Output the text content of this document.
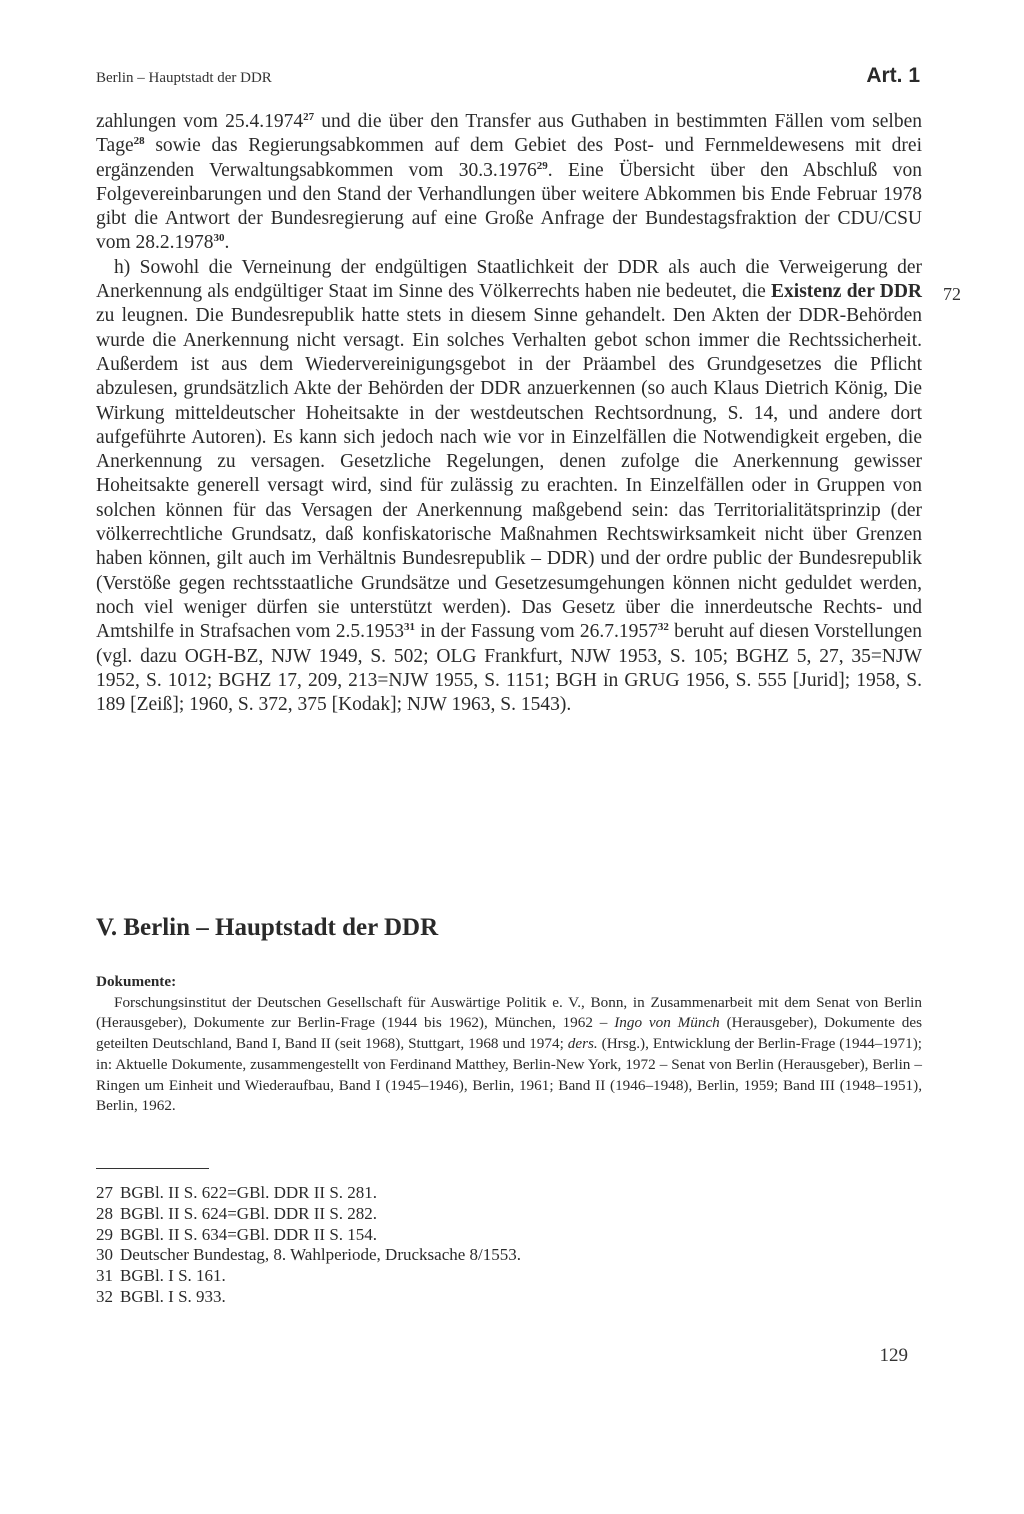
Berlin – Hauptstadt der DDR	Art. 1

zahlungen vom 25.4.1974$^{27}$ und die über den Transfer aus Guthaben in bestimmten Fällen vom selben Tage$^{28}$ sowie das Regierungsabkommen auf dem Gebiet des Post- und Fernmeldewesens mit drei ergänzenden Verwaltungsabkommen vom 30.3.1976$^{29}$. Eine Übersicht über den Abschluß von Folgevereinbarungen und den Stand der Verhandlungen über weitere Abkommen bis Ende Februar 1978 gibt die Antwort der Bundesregierung auf eine Große Anfrage der Bundestagsfraktion der CDU/CSU vom 28.2.1978$^{30}$.

h) Sowohl die Verneinung der endgültigen Staatlichkeit der DDR als auch die Verweigerung der Anerkennung als endgültiger Staat im Sinne des Völkerrechts haben nie bedeutet, die Existenz der DDR zu leugnen. Die Bundesrepublik hatte stets in diesem Sinne gehandelt. Den Akten der DDR-Behörden wurde die Anerkennung nicht versagt. Ein solches Verhalten gebot schon immer die Rechtssicherheit. Außerdem ist aus dem Wiedervereinigungsgebot in der Präambel des Grundgesetzes die Pflicht abzulesen, grundsätzlich Akte der Behörden der DDR anzuerkennen (so auch Klaus Dietrich König, Die Wirkung mitteldeutscher Hoheitsakte in der westdeutschen Rechtsordnung, S. 14, und andere dort aufgeführte Autoren). Es kann sich jedoch nach wie vor in Einzelfällen die Notwendigkeit ergeben, die Anerkennung zu versagen. Gesetzliche Regelungen, denen zufolge die Anerkennung gewisser Hoheitsakte generell versagt wird, sind für zulässig zu erachten. In Einzelfällen oder in Gruppen von solchen können für das Versagen der Anerkennung maßgebend sein: das Territorialitätsprinzip (der völkerrechtliche Grundsatz, daß konfiskatorische Maßnahmen Rechtswirksamkeit nicht über Grenzen haben können, gilt auch im Verhältnis Bundesrepublik – DDR) und der ordre public der Bundesrepublik (Verstöße gegen rechtsstaatliche Grundsätze und Gesetzesumgehungen können nicht geduldet werden, noch viel weniger dürfen sie unterstützt werden). Das Gesetz über die innerdeutsche Rechts- und Amtshilfe in Strafsachen vom 2.5.1953$^{31}$ in der Fassung vom 26.7.1957$^{32}$ beruht auf diesen Vorstellungen (vgl. dazu OGH-BZ, NJW 1949, S. 502; OLG Frankfurt, NJW 1953, S. 105; BGHZ 5, 27, 35=NJW 1952, S. 1012; BGHZ 17, 209, 213=NJW 1955, S. 1151; BGH in GRUG 1956, S. 555 [Jurid]; 1958, S. 189 [Zeiß]; 1960, S. 372, 375 [Kodak]; NJW 1963, S. 1543).

72
V. Berlin – Hauptstadt der DDR

Dokumente:

Forschungsinstitut der Deutschen Gesellschaft für Auswärtige Politik e. V., Bonn, in Zusammenarbeit mit dem Senat von Berlin (Herausgeber), Dokumente zur Berlin-Frage (1944 bis 1962), München, 1962 – Ingo von Münch (Herausgeber), Dokumente des geteilten Deutschland, Band I, Band II (seit 1968), Stuttgart, 1968 und 1974; ders. (Hrsg.), Entwicklung der Berlin-Frage (1944–1971); in: Aktuelle Dokumente, zusammengestellt von Ferdinand Matthey, Berlin-New York, 1972 – Senat von Berlin (Herausgeber), Berlin – Ringen um Einheit und Wiederaufbau, Band I (1945–1946), Berlin, 1961; Band II (1946–1948), Berlin, 1959; Band III (1948–1951), Berlin, 1962.

27 BGBl. II S. 622=GBl. DDR II S. 281.
28 BGBl. II S. 624=GBl. DDR II S. 282.
29 BGBl. II S. 634=GBl. DDR II S. 154.
30 Deutscher Bundestag, 8. Wahlperiode, Drucksache 8/1553.
31 BGBl. I S. 161.
32 BGBl. I S. 933.
129
